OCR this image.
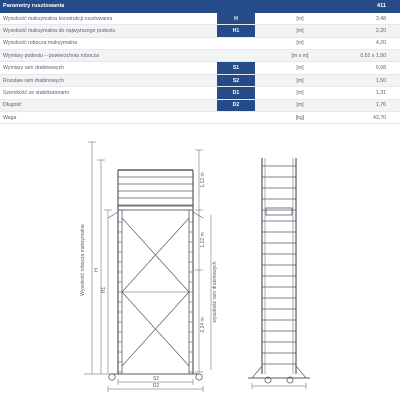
Parametry rusztowania			411
Wysokość maksymalna konstrukcji rusztowania	H	[m]	3,48
Wysokość maksymalna do najwyższego podestu	H1	[m]	2,20
Wysokość robocza maksymalna		[m]	4,20
Wymiary podestu – powierzchnia robocza		[m x m]	0,52 x 1,50
Wymiary ram drabinowych	S1	[m]	0,68
Rozstaw ram drabinowych	S2	[m]	1,50
Szerokość ze stabilizatorami	D1	[m]	1,31
Długość	D2	[m]	1,76
Waga		[kg]	43,70
Wysokość robocza maksymalna H
H1
1,12 m
1,12 m
2,24 m
wysokość ram drabinowych
S2
D2
